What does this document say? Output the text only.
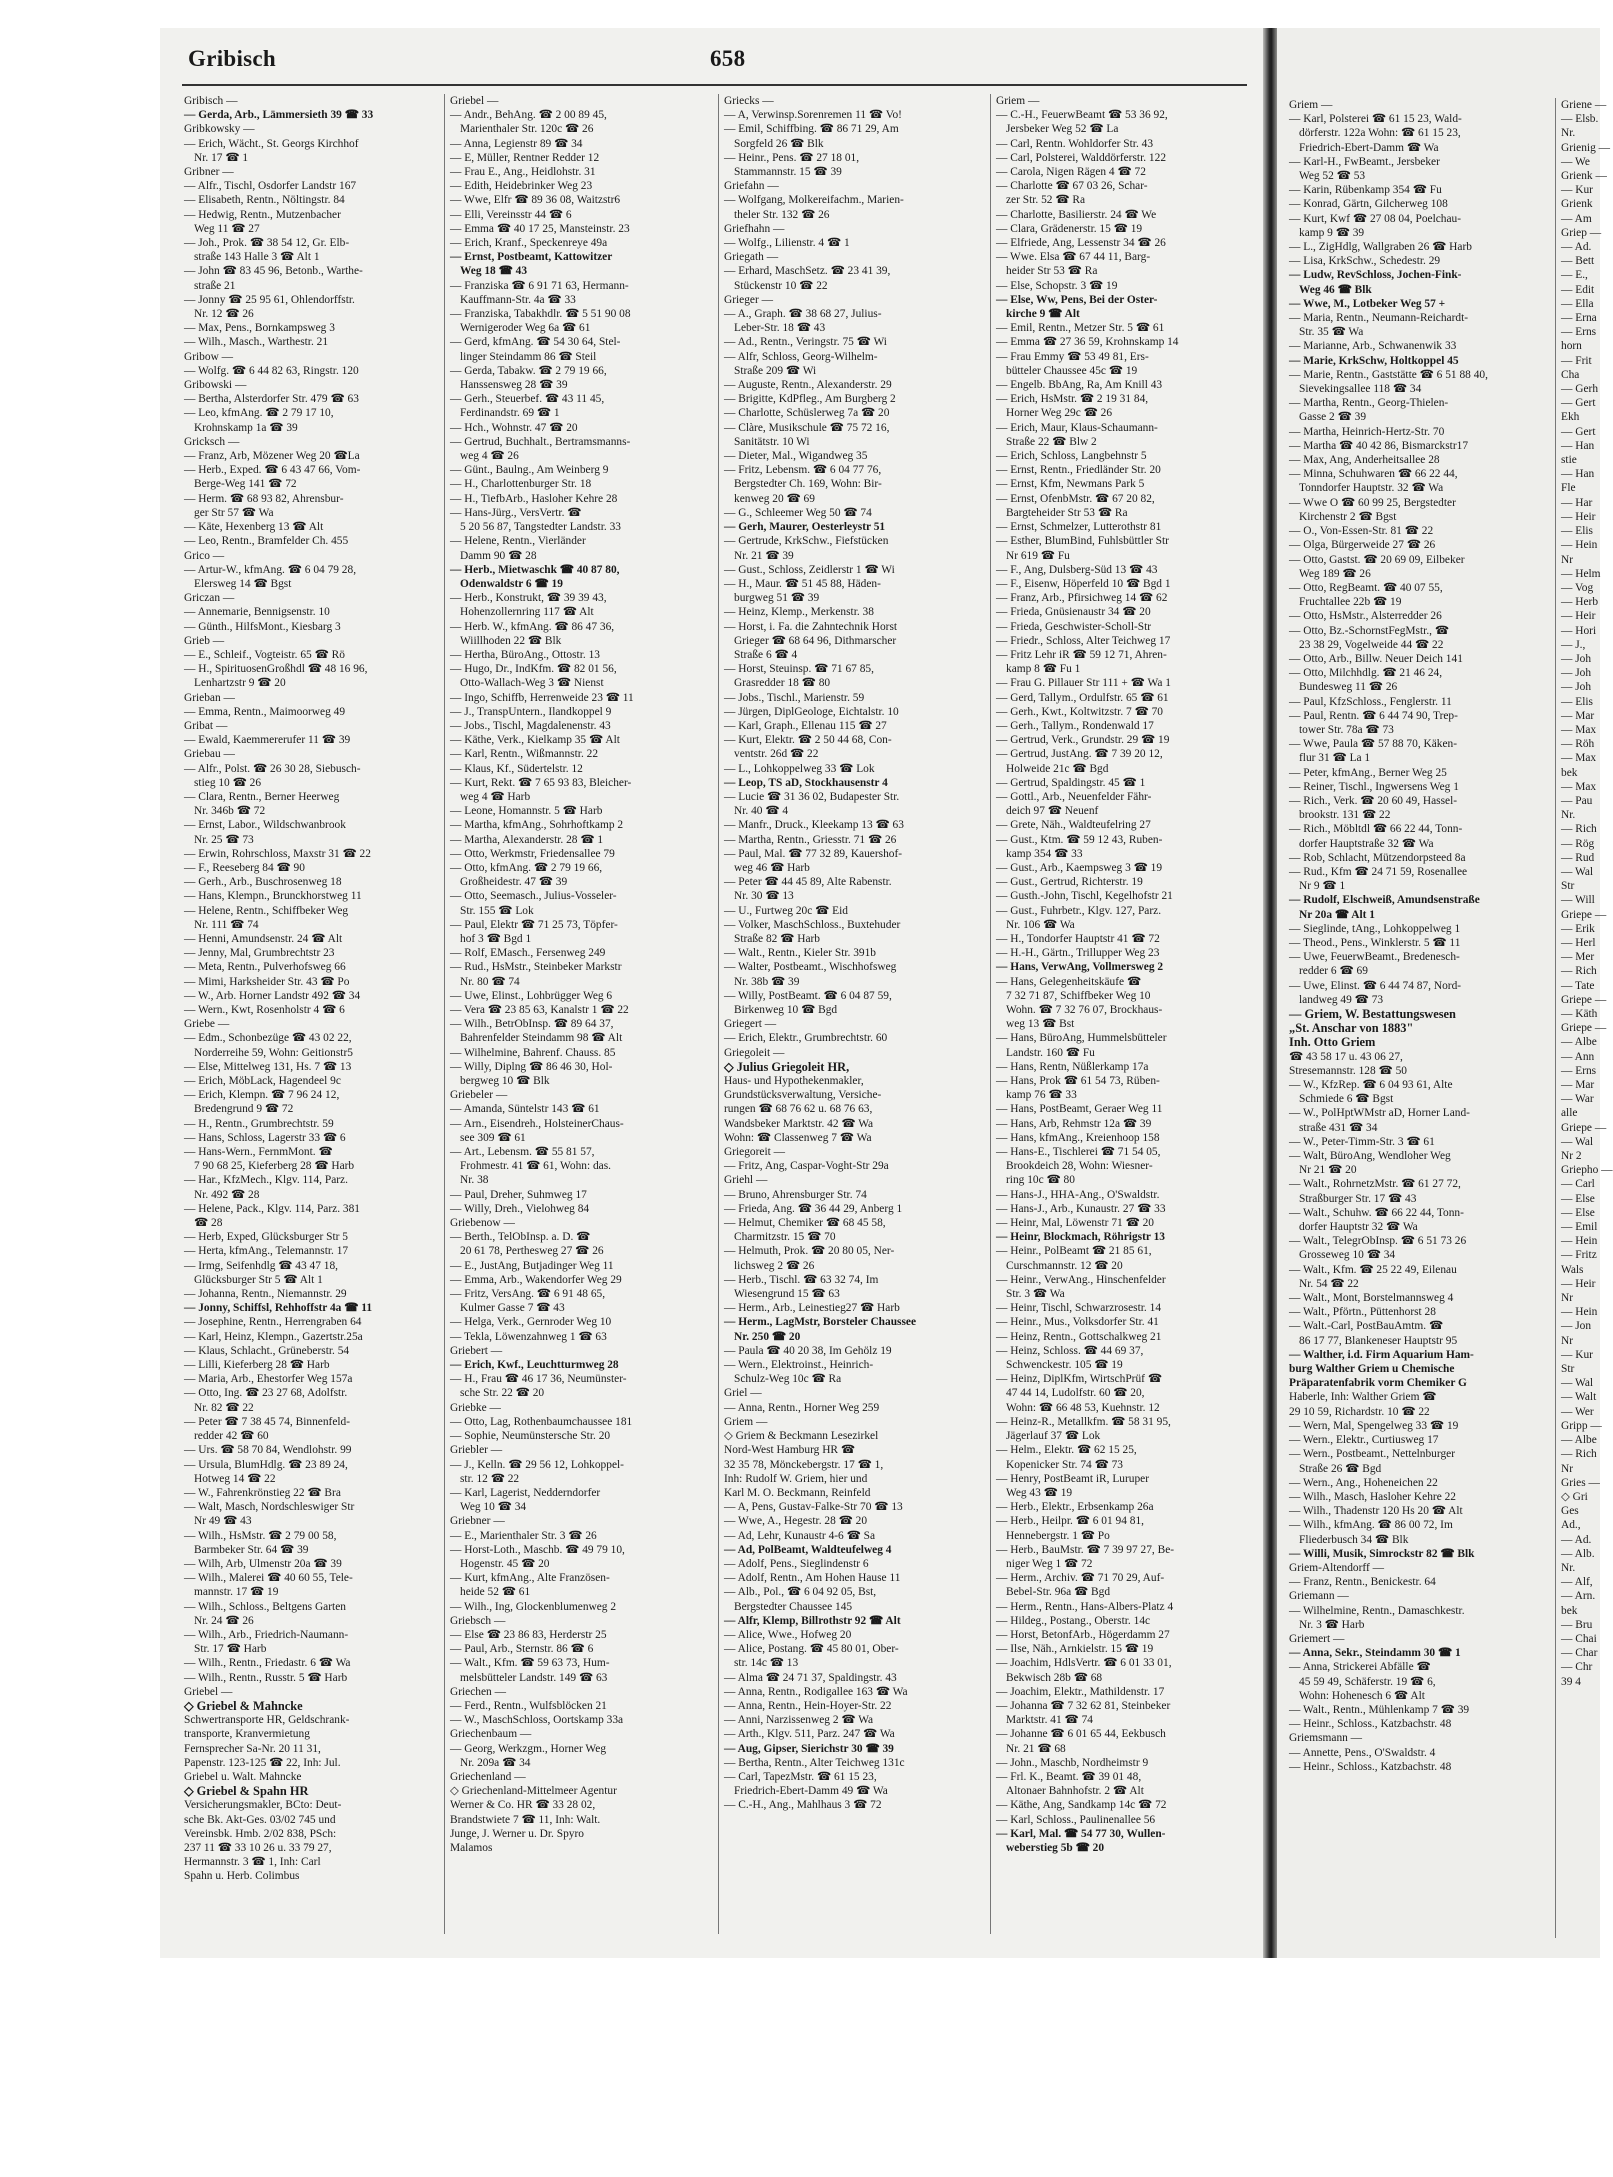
Gribisch	658
Gribisch —
— Gerda, Arb., Lämmersieth 39 ☎ 33
Gribkowsky —
— Erich, Wächt., St. Georgs Kirchhof
Nr. 17 ☎ 1
Gribner —
— Alfr., Tischl, Osdorfer Landstr 167
— Elisabeth, Rentn., Nöltingstr. 84
— Hedwig, Rentn., Mutzenbacher
Weg 11 ☎ 27
— Joh., Prok. ☎ 38 54 12, Gr. Elb-
straße 143 Halle 3 ☎ Alt 1
— John ☎ 83 45 96, Betonb., Warthe-
straße 21
— Jonny ☎ 25 95 61, Ohlendorffstr.
Nr. 12 ☎ 26
— Max, Pens., Bornkampsweg 3
— Wilh., Masch., Warthestr. 21
Gribow —
— Wolfg. ☎ 6 44 82 63, Ringstr. 120
Gribowski —
— Bertha, Alsterdorfer Str. 479 ☎ 63
— Leo, kfmAng. ☎ 2 79 17 10,
Krohnskamp 1a ☎ 39
Gricksch —
— Franz, Arb, Mözener Weg 20 ☎La
— Herb., Exped. ☎ 6 43 47 66, Vom-
Berge-Weg 141 ☎ 72
— Herm. ☎ 68 93 82, Ahrensbur-
ger Str 57 ☎ Wa
— Käte, Hexenberg 13 ☎ Alt
— Leo, Rentn., Bramfelder Ch. 455
Grico —
— Artur-W., kfmAng. ☎ 6 04 79 28,
Elersweg 14 ☎ Bgst
Griczan —
— Annemarie, Bennigsenstr. 10
— Günth., HilfsMont., Kiesbarg 3
Grieb —
— E., Schleif., Vogteistr. 65 ☎ Rö
— H., SpirituosenGroßhdl ☎ 48 16 96,
Lenhartzstr 9 ☎ 20
Grieban —
— Emma, Rentn., Maimoorweg 49
Gribat —
— Ewald, Kaemmererufer 11 ☎ 39
Griebau —
— Alfr., Polst. ☎ 26 30 28, Siebusch-
stieg 10 ☎ 26
— Clara, Rentn., Berner Heerweg
Nr. 346b ☎ 72
— Ernst, Labor., Wildschwanbrook
Nr. 25 ☎ 73
— Erwin, Rohrschloss, Maxstr 31 ☎ 22
— F., Reeseberg 84 ☎ 90
— Gerh., Arb., Buschrosenweg 18
— Hans, Klempn., Brunckhorstweg 11
— Helene, Rentn., Schiffbeker Weg
Nr. 111 ☎ 74
— Henni, Amundsenstr. 24 ☎ Alt
— Jenny, Mal, Grumbrechtstr 23
— Meta, Rentn., Pulverhofsweg 66
— Mimi, Harksheider Str. 43 ☎ Po
— W., Arb. Horner Landstr 492 ☎ 34
— Wern., Kwt, Rosenholstr 4 ☎ 6
Griebe —
— Edm., Schonbezüge ☎ 43 02 22,
Norderreihe 59, Wohn: Geitionstr5
— Else, Mittelweg 131, Hs. 7 ☎ 13
— Erich, MöbLack, Hagendeel 9c
— Erich, Klempn. ☎ 7 96 24 12,
Bredengrund 9 ☎ 72
— H., Rentn., Grumbrechtstr. 59
— Hans, Schloss, Lagerstr 33 ☎ 6
— Hans-Wern., FernmMont. ☎
7 90 68 25, Kieferberg 28 ☎ Harb
— Har., KfzMech., Klgv. 114, Parz.
Nr. 492 ☎ 28
— Helene, Pack., Klgv. 114, Parz. 381
☎ 28
— Herb, Exped, Glücksburger Str 5
— Herta, kfmAng., Telemannstr. 17
— Irmg, Seifenhdlg ☎ 43 47 18,
Glücksburger Str 5 ☎ Alt 1
— Johanna, Rentn., Niemannstr. 29
— Jonny, Schiffsl, Rehhoffstr 4a ☎ 11
— Josephine, Rentn., Herrengraben 64
— Karl, Heinz, Klempn., Gazertstr.25a
— Klaus, Schlacht., Grüneberstr. 54
— Lilli, Kieferberg 28 ☎ Harb
— Maria, Arb., Ehestorfer Weg 157a
— Otto, Ing. ☎ 23 27 68, Adolfstr.
Nr. 82 ☎ 22
— Peter ☎ 7 38 45 74, Binnenfeld-
redder 42 ☎ 60
— Urs. ☎ 58 70 84, Wendlohstr. 99
— Ursula, BlumHdlg. ☎ 23 89 24,
Hotweg 14 ☎ 22
— W., Fahrenkrönstieg 22 ☎ Bra
— Walt, Masch, Nordschleswiger Str
Nr 49 ☎ 43
— Wilh., HsMstr. ☎ 2 79 00 58,
Barmbeker Str. 64 ☎ 39
— Wilh, Arb, Ulmenstr 20a ☎ 39
— Wilh., Malerei ☎ 40 60 55, Tele-
mannstr. 17 ☎ 19
— Wilh., Schloss., Beltgens Garten
Nr. 24 ☎ 26
— Wilh., Arb., Friedrich-Naumann-
Str. 17 ☎ Harb
— Wilh., Rentn., Friedastr. 6 ☎ Wa
— Wilh., Rentn., Russtr. 5 ☎ Harb
Griebel —
◇ Griebel & Mahncke
Schwertransporte HR, Geldschrank-
transporte, Kranvermietung
Fernsprecher Sa-Nr. 20 11 31,
Papenstr. 123-125 ☎ 22, Inh: Jul.
Griebel u. Walt. Mahncke
◇ Griebel & Spahn HR
Versicherungsmakler, BCto: Deut-
sche Bk. Akt-Ges. 03/02 745 und
Vereinsbk. Hmb. 2/02 838, PSch:
237 11 ☎ 33 10 26 u. 33 79 27,
Hermannstr. 3 ☎ 1, Inh: Carl
Spahn u. Herb. Colimbus
Griebel —
— Andr., BehAng. ☎ 2 00 89 45,
Marienthaler Str. 120c ☎ 26
— Anna, Legienstr 89 ☎ 34
— E, Müller, Rentner Redder 12
— Frau E., Ang., Heidlohstr. 31
— Edith, Heidebrinker Weg 23
— Wwe, Elfr ☎ 89 36 08, Waitzstr6
— Elli, Vereinsstr 44 ☎ 6
— Emma ☎ 40 17 25, Mansteinstr. 23
— Erich, Kranf., Speckenreye 49a
— Ernst, Postbeamt, Kattowitzer
Weg 18 ☎ 43
— Franziska ☎ 6 91 71 63, Hermann-
Kauffmann-Str. 4a ☎ 33
— Franziska, Tabakhdlr. ☎ 5 51 90 08
Wernigeroder Weg 6a ☎ 61
— Gerd, kfmAng. ☎ 54 30 64, Stel-
linger Steindamm 86 ☎ Steil
— Gerda, Tabakw. ☎ 2 79 19 66,
Hanssensweg 28 ☎ 39
— Gerh., Steuerbef. ☎ 43 11 45,
Ferdinandstr. 69 ☎ 1
— Hch., Wohnstr. 47 ☎ 20
— Gertrud, Buchhalt., Bertramsmanns-
weg 4 ☎ 26
— Günt., Baulng., Am Weinberg 9
— H., Charlottenburger Str. 18
— H., TiefbArb., Hasloher Kehre 28
— Hans-Jürg., VersVertr. ☎
5 20 56 87, Tangstedter Landstr. 33
— Helene, Rentn., Vierländer
Damm 90 ☎ 28
— Herb., Mietwaschk ☎ 40 87 80,
Odenwaldstr 6 ☎ 19
— Herb., Konstrukt, ☎ 39 39 43,
Hohenzollernring 117 ☎ Alt
— Herb. W., kfmAng. ☎ 86 47 36,
Wiillhoden 22 ☎ Blk
— Hertha, BüroAng., Ottostr. 13
— Hugo, Dr., IndKfm. ☎ 82 01 56,
Otto-Wallach-Weg 3 ☎ Nienst
— Ingo, Schiffb, Herrenweide 23 ☎ 11
— J., TranspUntern., Ilandkoppel 9
— Jobs., Tischl, Magdalenenstr. 43
— Käthe, Verk., Kielkamp 35 ☎ Alt
— Karl, Rentn., Wißmannstr. 22
— Klaus, Kf., Südertelstr. 12
— Kurt, Rekt. ☎ 7 65 93 83, Bleicher-
weg 4 ☎ Harb
— Leone, Homannstr. 5 ☎ Harb
— Martha, kfmAng., Sohrhoftkamp 2
— Martha, Alexanderstr. 28 ☎ 1
— Otto, Werkmstr, Friedensallee 79
— Otto, kfmAng. ☎ 2 79 19 66,
Großheidestr. 47 ☎ 39
— Otto, Seemasch., Julius-Vosseler-
Str. 155 ☎ Lok
— Paul, Elektr ☎ 71 25 73, Töpfer-
hof 3 ☎ Bgd 1
— Rolf, EMasch., Fersenweg 249
— Rud., HsMstr., Steinbeker Markstr
Nr. 80 ☎ 74
— Uwe, Elinst., Lohbrügger Weg 6
— Vera ☎ 23 85 63, Kanalstr 1 ☎ 22
— Wilh., BetrObInsp. ☎ 89 64 37,
Bahrenfelder Steindamm 98 ☎ Alt
— Wilhelmine, Bahrenf. Chauss. 85
— Willy, Diplng ☎ 86 46 30, Hol-
bergweg 10 ☎ Blk
Griebeler —
— Amanda, Süntelstr 143 ☎ 61
— Arn., Eisendreh., HolsteinerChaus-
see 309 ☎ 61
— Art., Lebensm. ☎ 55 81 57,
Frohmestr. 41 ☎ 61, Wohn: das.
Nr. 38
— Paul, Dreher, Suhmweg 17
— Willy, Dreh., Vielohweg 84
Griebenow —
— Berth., TelObInsp. a. D. ☎
20 61 78, Perthesweg 27 ☎ 26
— E., JustAng, Butjadinger Weg 11
— Emma, Arb., Wakendorfer Weg 29
— Fritz, VersAng. ☎ 6 91 48 65,
Kulmer Gasse 7 ☎ 43
— Helga, Verk., Gernroder Weg 10
— Tekla, Löwenzahnweg 1 ☎ 63
Griebert —
— Erich, Kwf., Leuchtturmweg 28
— H., Frau ☎ 46 17 36, Neumünster-
sche Str. 22 ☎ 20
Griebke —
— Otto, Lag, Rothenbaumchaussee 181
— Sophie, Neumünstersche Str. 20
Griebler —
— J., Kelln. ☎ 29 56 12, Lohkoppel-
str. 12 ☎ 22
— Karl, Lagerist, Nedderndorfer
Weg 10 ☎ 34
Griebner —
— E., Marienthaler Str. 3 ☎ 26
— Horst-Loth., Maschb. ☎ 49 79 10,
Hogenstr. 45 ☎ 20
— Kurt, kfmAng., Alte Französen-
heide 52 ☎ 61
— Wilh., Ing, Glockenblumenweg 2
Griebsch —
— Else ☎ 23 86 83, Herderstr 25
— Paul, Arb., Sternstr. 86 ☎ 6
— Walt., Kfm. ☎ 59 63 73, Hum-
melsbütteler Landstr. 149 ☎ 63
Griechen —
— Ferd., Rentn., Wulfsblöcken 21
— W., MaschSchloss, Oortskamp 33a
Griechenbaum —
— Georg, Werkzgm., Horner Weg
Nr. 209a ☎ 34
Griechenland —
◇ Griechenland-Mittelmeer Agentur
Werner & Co. HR ☎ 33 28 02,
Brandstwiete 7 ☎ 11, Inh: Walt.
Junge, J. Werner u. Dr. Spyro
Malamos
Griecks —
— A, Verwinsp.Sorenremen 11 ☎ Vo!
— Emil, Schiffbing. ☎ 86 71 29, Am
Sorgfeld 26 ☎ Blk
— Heinr., Pens. ☎ 27 18 01,
Stammannstr. 15 ☎ 39
Griefahn —
— Wolfgang, Molkereifachm., Marien-
theler Str. 132 ☎ 26
Griefhahn —
— Wolfg., Lilienstr. 4 ☎ 1
Griegath —
— Erhard, MaschSetz. ☎ 23 41 39,
Stückenstr 10 ☎ 22
Grieger —
— A., Graph. ☎ 38 68 27, Julius-
Leber-Str. 18 ☎ 43
— Ad., Rentn., Veringstr. 75 ☎ Wi
— Alfr, Schloss, Georg-Wilhelm-
Straße 209 ☎ Wi
— Auguste, Rentn., Alexanderstr. 29
— Brigitte, KdPfleg., Am Burgberg 2
— Charlotte, Schüslerweg 7a ☎ 20
— Clàre, Musikschule ☎ 75 72 16,
Sanitätstr. 10 Wi
— Dieter, Mal., Wigandweg 35
— Fritz, Lebensm. ☎ 6 04 77 76,
Bergstedter Ch. 169, Wohn: Bir-
kenweg 20 ☎ 69
— G., Schleemer Weg 50 ☎ 74
— Gerh, Maurer, Oesterleystr 51
— Gertrude, KrkSchw., Fiefstücken
Nr. 21 ☎ 39
— Gust., Schloss, Zeidlerstr 1 ☎ Wi
— H., Maur. ☎ 51 45 88, Häden-
burgweg 51 ☎ 39
— Heinz, Klemp., Merkenstr. 38
— Horst, i. Fa. die Zahntechnik Horst
Grieger ☎ 68 64 96, Dithmarscher
Straße 6 ☎ 4
— Horst, Steuinsp. ☎ 71 67 85,
Grasredder 18 ☎ 80
— Jobs., Tischl., Marienstr. 59
— Jürgen, DiplGeologe, Eichtalstr. 10
— Karl, Graph., Ellenau 115 ☎ 27
— Kurt, Elektr. ☎ 2 50 44 68, Con-
ventstr. 26d ☎ 22
— L., Lohkoppelweg 33 ☎ Lok
— Leop, TS aD, Stockhausenstr 4
— Lucie ☎ 31 36 02, Budapester Str.
Nr. 40 ☎ 4
— Manfr., Druck., Kleekamp 13 ☎ 63
— Martha, Rentn., Griesstr. 71 ☎ 26
— Paul, Mal. ☎ 77 32 89, Kauershof-
weg 46 ☎ Harb
— Peter ☎ 44 45 89, Alte Rabenstr.
Nr. 30 ☎ 13
— U., Furtweg 20c ☎ Eid
— Volker, MaschSchloss., Buxtehuder
Straße 82 ☎ Harb
— Walt., Rentn., Kieler Str. 391b
— Walter, Postbeamt., Wischhofsweg
Nr. 38b ☎ 39
— Willy, PostBeamt. ☎ 6 04 87 59,
Birkenweg 10 ☎ Bgd
Griegert —
— Erich, Elektr., Grumbrechtstr. 60
Griegoleit —
◇ Julius Griegoleit HR,
Haus- und Hypothekenmakler,
Grundstücksverwaltung, Versiche-
rungen ☎ 68 76 62 u. 68 76 63,
Wandsbeker Marktstr. 42 ☎ Wa
Wohn: ☎ Classenweg 7 ☎ Wa
Griegoreit —
— Fritz, Ang, Caspar-Voght-Str 29a
Griehl —
— Bruno, Ahrensburger Str. 74
— Frieda, Ang. ☎ 36 44 29, Anberg 1
— Helmut, Chemiker ☎ 68 45 58,
Charmitzstr. 15 ☎ 70
— Helmuth, Prok. ☎ 20 80 05, Ner-
lichsweg 2 ☎ 26
— Herb., Tischl. ☎ 63 32 74, Im
Wiesengrund 15 ☎ 63
— Herm., Arb., Leinestieg27 ☎ Harb
— Herm., LagMstr, Borsteler Chaussee
Nr. 250 ☎ 20
— Paula ☎ 40 20 38, Im Gehölz 19
— Wern., Elektroinst., Heinrich-
Schulz-Weg 10c ☎ Ra
Griel —
— Anna, Rentn., Horner Weg 259
Griem —
◇ Griem & Beckmann Lesezirkel
Nord-West Hamburg HR ☎
32 35 78, Mönckebergstr. 17 ☎ 1,
Inh: Rudolf W. Griem, hier und
Karl M. O. Beckmann, Reinfeld
— A, Pens, Gustav-Falke-Str 70 ☎ 13
— Wwe, A., Hegestr. 28 ☎ 20
— Ad, Lehr, Kunaustr 4-6 ☎ Sa
— Ad, PolBeamt, Waldteufelweg 4
— Adolf, Pens., Sieglindenstr 6
— Adolf, Rentn., Am Hohen Hause 11
— Alb., Pol., ☎ 6 04 92 05, Bst,
Bergstedter Chaussee 145
— Alfr, Klemp, Billrothstr 92 ☎ Alt
— Alice, Wwe., Hofweg 20
— Alice, Postang. ☎ 45 80 01, Ober-
str. 14c ☎ 13
— Alma ☎ 24 71 37, Spaldingstr. 43
— Anna, Rentn., Rodigallee 163 ☎ Wa
— Anna, Rentn., Hein-Hoyer-Str. 22
— Anni, Narzissenweg 2 ☎ Wa
— Arth., Klgv. 511, Parz. 247 ☎ Wa
— Aug, Gipser, Sierichstr 30 ☎ 39
— Bertha, Rentn., Alter Teichweg 131c
— Carl, TapezMstr. ☎ 61 15 23,
Friedrich-Ebert-Damm 49 ☎ Wa
— C.-H., Ang., Mahlhaus 3 ☎ 72
Griem —
— C.-H., FeuerwBeamt ☎ 53 36 92,
Jersbeker Weg 52 ☎ La
— Carl, Rentn. Wohldorfer Str. 43
— Carl, Polsterei, Walddörferstr. 122
— Carola, Nigen Rägen 4 ☎ 72
— Charlotte ☎ 67 03 26, Schar-
zer Str. 52 ☎ Ra
— Charlotte, Basilierstr. 24 ☎ We
— Clara, Grädenerstr. 15 ☎ 19
— Elfriede, Ang, Lessenstr 34 ☎ 26
— Wwe. Elsa ☎ 67 44 11, Barg-
heider Str 53 ☎ Ra
— Else, Schopstr. 3 ☎ 19
— Else, Ww, Pens, Bei der Oster-
kirche 9 ☎ Alt
— Emil, Rentn., Metzer Str. 5 ☎ 61
— Emma ☎ 27 36 59, Krohnskamp 14
— Frau Emmy ☎ 53 49 81, Ers-
bütteler Chaussee 45c ☎ 19
— Engelb. BbAng, Ra, Am Knill 43
— Erich, HsMstr. ☎ 2 19 31 84,
Horner Weg 29c ☎ 26
— Erich, Maur, Klaus-Schaumann-
Straße 22 ☎ Blw 2
— Erich, Schloss, Langbehnstr 5
— Ernst, Rentn., Friedländer Str. 20
— Ernst, Kfm, Newmans Park 5
— Ernst, OfenbMstr. ☎ 67 20 82,
Bargteheider Str 53 ☎ Ra
— Ernst, Schmelzer, Lutterothstr 81
— Esther, BlumBind, Fuhlsbüttler Str
Nr 619 ☎ Fu
— F., Ang, Dulsberg-Süd 13 ☎ 43
— F., Eisenw, Höperfeld 10 ☎ Bgd 1
— Franz, Arb., Pfirsichweg 14 ☎ 62
— Frieda, Gnüsienaustr 34 ☎ 20
— Frieda, Geschwister-Scholl-Str
— Friedr., Schloss, Alter Teichweg 17
— Fritz Lehr iR ☎ 59 12 71, Ahren-
kamp 8 ☎ Fu 1
— Frau G. Pillauer Str 111 + ☎ Wa 1
— Gerd, Tallym., Ordulfstr. 65 ☎ 61
— Gerh., Kwt., Koltwitzstr. 7 ☎ 70
— Gerh., Tallym., Rondenwald 17
— Gertrud, Verk., Grundstr. 29 ☎ 19
— Gertrud, JustAng. ☎ 7 39 20 12,
Holweide 21c ☎ Bgd
— Gertrud, Spaldingstr. 45 ☎ 1
— Gottl., Arb., Neuenfelder Fähr-
deich 97 ☎ Neuenf
— Grete, Näh., Waldteufelring 27
— Gust., Ktm. ☎ 59 12 43, Ruben-
kamp 354 ☎ 33
— Gust., Arb., Kaempsweg 3 ☎ 19
— Gust., Gertrud, Richterstr. 19
— Gusth.-John, Tischl, Kegelhofstr 21
— Gust., Fuhrbetr., Klgv. 127, Parz.
Nr. 106 ☎ Wa
— H., Tondorfer Hauptstr 41 ☎ 72
— H.-H., Gärtn., Trillupper Weg 23
— Hans, VerwAng, Vollmersweg 2
— Hans, Gelegenheitskäufe ☎
7 32 71 87, Schiffbeker Weg 10
Wohn. ☎ 7 32 76 07, Brockhaus-
weg 13 ☎ Bst
— Hans, BüroAng, Hummelsbütteler
Landstr. 160 ☎ Fu
— Hans, Rentn, Nüßlerkamp 17a
— Hans, Prok ☎ 61 54 73, Rüben-
kamp 76 ☎ 33
— Hans, PostBeamt, Geraer Weg 11
— Hans, Arb, Rehmstr 12a ☎ 39
— Hans, kfmAng., Kreienhoop 158
— Hans-E., Tischlerei ☎ 71 54 05,
Brookdeich 28, Wohn: Wiesner-
ring 10c ☎ 80
— Hans-J., HHA-Ang., O'Swaldstr.
— Hans-J., Arb., Kunaustr. 27 ☎ 33
— Heinr, Mal, Löwenstr 71 ☎ 20
— Heinr, Blockmach, Röhrigstr 13
— Heinr., PolBeamt ☎ 21 85 61,
Curschmannstr. 12 ☎ 20
— Heinr., VerwAng., Hinschenfelder
Str. 3 ☎ Wa
— Heinr, Tischl, Schwarzrosestr. 14
— Heinr., Mus., Volksdorfer Str. 41
— Heinz, Rentn., Gottschalkweg 21
— Heinz, Schloss. ☎ 44 69 37,
Schwenckestr. 105 ☎ 19
— Heinz, DiplKfm, WirtschPrüf ☎
47 44 14, Ludolfstr. 60 ☎ 20,
Wohn: ☎ 66 48 53, Kuehnstr. 12
— Heinz-R., Metallkfm. ☎ 58 31 95,
Jägerlauf 37 ☎ Lok
— Helm., Elektr. ☎ 62 15 25,
Kopenicker Str. 74 ☎ 73
— Henry, PostBeamt iR, Luruper
Weg 43 ☎ 19
— Herb., Elektr., Erbsenkamp 26a
— Herb., Heilpr. ☎ 6 01 94 81,
Hennebergstr. 1 ☎ Po
— Herb., BauMstr. ☎ 7 39 97 27, Be-
niger Weg 1 ☎ 72
— Herm., Archiv. ☎ 71 70 29, Auf-
Bebel-Str. 96a ☎ Bgd
— Herm., Rentn., Hans-Albers-Platz 4
— Hildeg., Postang., Oberstr. 14c
— Horst, BetonfArb., Högerdamm 27
— Ilse, Näh., Arnkielstr. 15 ☎ 19
— Joachim, HdlsVertr. ☎ 6 01 33 01,
Bekwisch 28b ☎ 68
— Joachim, Elektr., Mathildenstr. 17
— Johanna ☎ 7 32 62 81, Steinbeker
Marktstr. 41 ☎ 74
— Johanne ☎ 6 01 65 44, Eekbusch
Nr. 21 ☎ 68
— John., Maschb, Nordheimstr 9
— Frl. K., Beamt. ☎ 39 01 48,
Altonaer Bahnhofstr. 2 ☎ Alt
— Käthe, Ang, Sandkamp 14c ☎ 72
— Karl, Schloss., Paulinenallee 56
— Karl, Mal. ☎ 54 77 30, Wullen-
weberstieg 5b ☎ 20
Griem —
— Karl, Polsterei ☎ 61 15 23, Wald-
dörferstr. 122a Wohn: ☎ 61 15 23,
Friedrich-Ebert-Damm ☎ Wa
— Karl-H., FwBeamt., Jersbeker
Weg 52 ☎ 53
— Karin, Rübenkamp 354 ☎ Fu
— Konrad, Gärtn, Gilcherweg 108
— Kurt, Kwf ☎ 27 08 04, Poelchau-
kamp 9 ☎ 39
— L., ZigHdlg, Wallgraben 26 ☎ Harb
— Lisa, KrkSchw., Schedestr. 29
— Ludw, RevSchloss, Jochen-Fink-
Weg 46 ☎ Blk
— Wwe, M., Lotbeker Weg 57 +
— Maria, Rentn., Neumann-Reichardt-
Str. 35 ☎ Wa
— Marianne, Arb., Schwanenwik 33
— Marie, KrkSchw, Holtkoppel 45
— Marie, Rentn., Gaststätte ☎ 6 51 88 40,
Sievekingsallee 118 ☎ 34
— Martha, Rentn., Georg-Thielen-
Gasse 2 ☎ 39
— Martha, Heinrich-Hertz-Str. 70
— Martha ☎ 40 42 86, Bismarckstr17
— Max, Ang, Anderheitsallee 28
— Minna, Schuhwaren ☎ 66 22 44,
Tonndorfer Hauptstr. 32 ☎ Wa
— Wwe O ☎ 60 99 25, Bergstedter
Kirchenstr 2 ☎ Bgst
— O., Von-Essen-Str. 81 ☎ 22
— Olga, Bürgerweide 27 ☎ 26
— Otto, Gastst. ☎ 20 69 09, Eilbeker
Weg 189 ☎ 26
— Otto, RegBeamt. ☎ 40 07 55,
Fruchtallee 22b ☎ 19
— Otto, HsMstr., Alsterredder 26
— Otto, Bz.-SchornstFegMstr., ☎
23 38 29, Vogelweide 44 ☎ 22
— Otto, Arb., Billw. Neuer Deich 141
— Otto, Milchhdlg. ☎ 21 46 24,
Bundesweg 11 ☎ 26
— Paul, KfzSchloss., Fenglerstr. 11
— Paul, Rentn. ☎ 6 44 74 90, Trep-
tower Str. 78a ☎ 73
— Wwe, Paula ☎ 57 88 70, Käken-
flur 31 ☎ La 1
— Peter, kfmAng., Berner Weg 25
— Reiner, Tischl., Ingwersens Weg 1
— Rich., Verk. ☎ 20 60 49, Hassel-
brookstr. 131 ☎ 22
— Rich., Möbltdl ☎ 66 22 44, Tonn-
dorfer Hauptstraße 32 ☎ Wa
— Rob, Schlacht, Mützendorpsteed 8a
— Rud., Kfm ☎ 24 71 59, Rosenallee
Nr 9 ☎ 1
— Rudolf, Elschweiß, Amundsenstraße
Nr 20a ☎ Alt 1
— Sieglinde, tAng., Lohkoppelweg 1
— Theod., Pens., Winklerstr. 5 ☎ 11
— Uwe, FeuerwBeamt., Bredenesch-
redder 6 ☎ 69
— Uwe, Elinst. ☎ 6 44 74 87, Nord-
landweg 49 ☎ 73
— Griem, W. Bestattungswesen
„St. Anschar von 1883"
Inh. Otto Griem
☎ 43 58 17 u. 43 06 27,
Stresemannstr. 128 ☎ 50
— W., KfzRep. ☎ 6 04 93 61, Alte
Schmiede 6 ☎ Bgst
— W., PolHptWMstr aD, Horner Land-
straße 431 ☎ 34
— W., Peter-Timm-Str. 3 ☎ 61
— Walt, BüroAng, Wendloher Weg
Nr 21 ☎ 20
— Walt., RohrnetzMstr. ☎ 61 27 72,
Straßburger Str. 17 ☎ 43
— Walt., Schuhw. ☎ 66 22 44, Tonn-
dorfer Hauptstr 32 ☎ Wa
— Walt., TelegrObInsp. ☎ 6 51 73 26
Grosseweg 10 ☎ 34
— Walt., Kfm. ☎ 25 22 49, Eilenau
Nr. 54 ☎ 22
— Walt., Mont, Borstelmannsweg 4
— Walt., Pförtn., Püttenhorst 28
— Walt.-Carl, PostBauAmtm. ☎
86 17 77, Blankeneser Hauptstr 95
— Walther, i.d. Firm Aquarium Ham-
burg Walther Griem u Chemische
Präparatenfabrik vorm Chemiker G
Haberle, Inh: Walther Griem ☎
29 10 59, Richardstr. 10 ☎ 22
— Wern, Mal, Spengelweg 33 ☎ 19
— Wern., Elektr., Curtiusweg 17
— Wern., Postbeamt., Nettelnburger
Straße 26 ☎ Bgd
— Wern., Ang., Hoheneichen 22
— Wilh., Masch, Hasloher Kehre 22
— Wilh., Thadenstr 120 Hs 20 ☎ Alt
— Wilh., kfmAng. ☎ 86 00 72, Im
Fliederbusch 34 ☎ Blk
— Willi, Musik, Simrockstr 82 ☎ Blk
Griem-Altendorff —
— Franz, Rentn., Benickestr. 64
Griemann —
— Wilhelmine, Rentn., Damaschkestr.
Nr. 3 ☎ Harb
Griemert —
— Anna, Sekr., Steindamm 30 ☎ 1
— Anna, Strickerei Abfälle ☎
45 59 49, Schäferstr. 19 ☎ 6,
Wohn: Hohenesch 6 ☎ Alt
— Walt., Rentn., Mühlenkamp 7 ☎ 39
— Heinr., Schloss., Katzbachstr. 48
Griemsmann —
— Annette, Pens., O'Swaldstr. 4
— Heinr., Schloss., Katzbachstr. 48
Griene —
— Elsb.
Nr.
Grienig —
— We
Grienk —
— Kur
Grienk
— Am
Griep —
— Ad.
— Bett
— E.,
— Edit
— Ella
— Erna
— Erns
horn
— Frit
Cha
— Gerh
— Gert
Ekh
— Gert
— Han
stie
— Han
Fle
— Har
— Heir
— Elis
— Hein
Nr
— Helm
— Vog
— Herb
— Heir
— Hori
— J.,
— Joh
— Joh
— Joh
— Elis
— Mar
— Max
— Röh
— Max
bek
— Max
— Pau
Nr.
— Rich
— Rög
— Rud
— Wal
Str
— Will
Griepe —
— Erik
— Herl
— Mer
— Rich
— Tate
Griepe —
— Käth
Griepe —
— Albe
— Ann
— Erns
— Mar
— War
alle
Griepe —
— Wal
Nr 2
Griepho —
— Carl
— Else
— Else
— Emil
— Hein
— Fritz
Wals
— Heir
Nr
— Hein
— Jon
Nr
— Kur
Str
— Wal
— Walt
— Wer
Gripp —
— Albe
— Rich
Nr
Gries —
◇ Gri
Ges
Ad.,
— Ad.
— Alb.
Nr.
— Alf,
— Arn.
bek
— Bru
— Chai
— Char
— Chr
39 4
